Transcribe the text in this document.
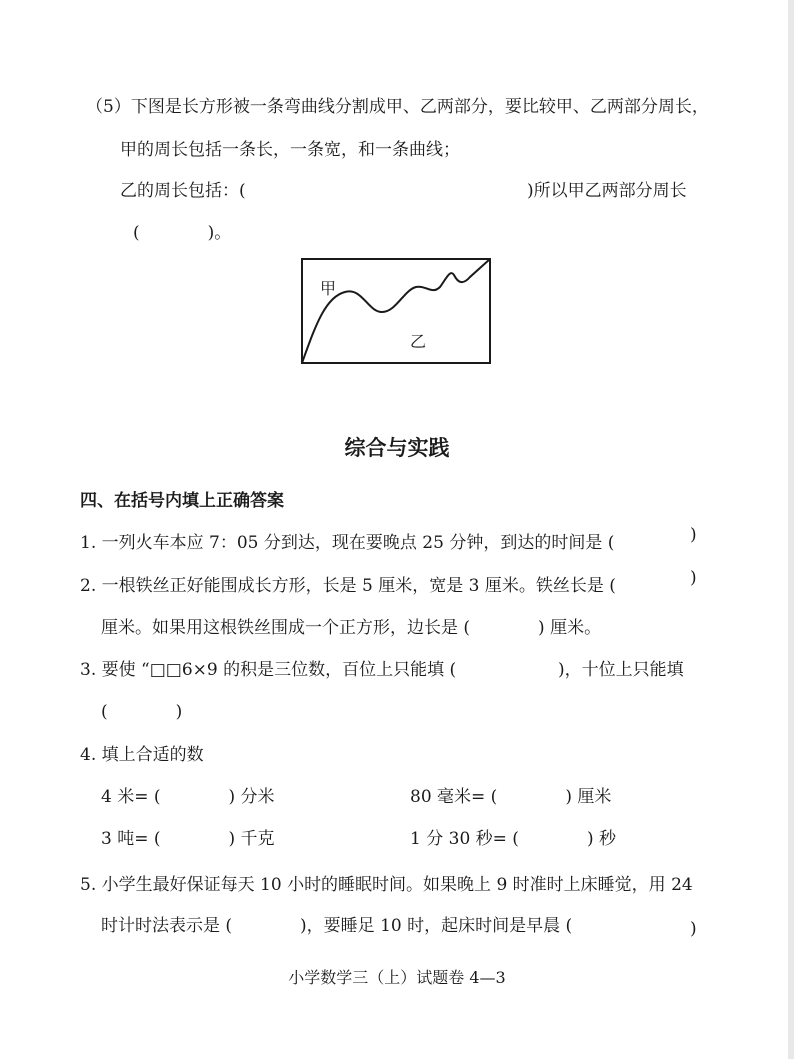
（5）下图是长方形被一条弯曲线分割成甲、乙两部分，要比较甲、乙两部分周长，
甲的周长包括一条长，一条宽，和一条曲线；
乙的周长包括：(	)所以甲乙两部分周长
(　　　　)。
甲
乙
综合与实践
四、在括号内填上正确答案
1. 一列火车本应 7：05 分到达，现在要晚点 25 分钟，到达的时间是 (	)
2. 一根铁丝正好能围成长方形，长是 5 厘米，宽是 3 厘米。铁丝长是 (	)
厘米。如果用这根铁丝围成一个正方形，边长是 (　　　　) 厘米。
3. 要使 “□□6×9 的积是三位数，百位上只能填 (	)，十位上只能填
(　　　　)
4. 填上合适的数
4 米= (　　　　) 分米	80 毫米= (　　　　) 厘米
3 吨= (　　　　) 千克	1 分 30 秒= (　　　　) 秒
5. 小学生最好保证每天 10 小时的睡眠时间。如果晚上 9 时准时上床睡觉，用 24
时计时法表示是 (　　　　)，要睡足 10 时，起床时间是早晨 (	)
小学数学三（上）试题卷 4—3
